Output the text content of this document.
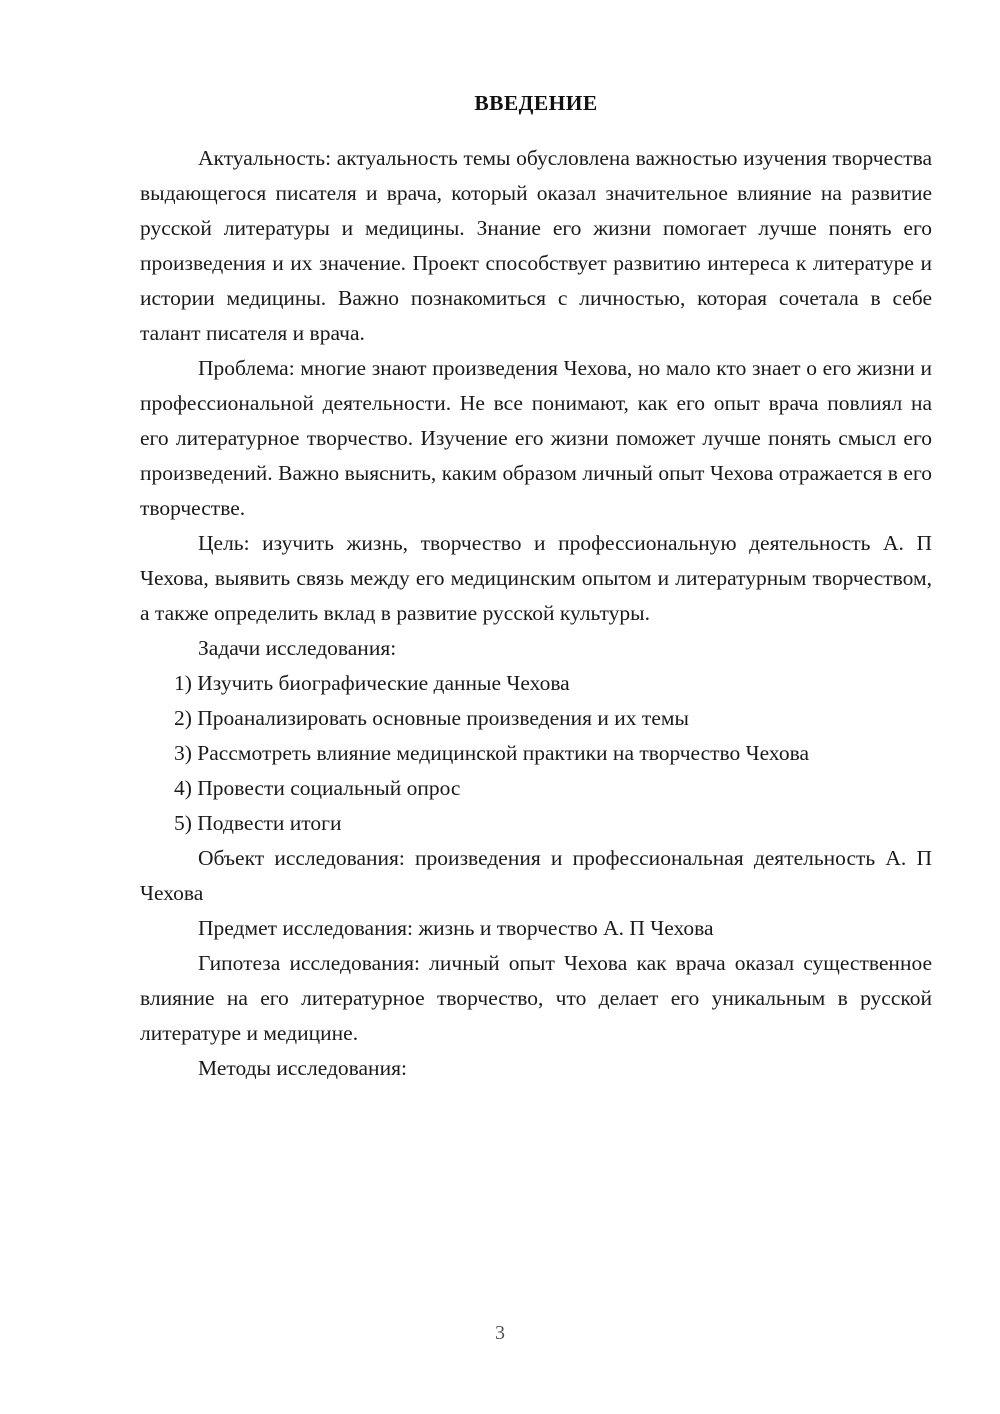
ВВЕДЕНИЕ

Актуальность: актуальность темы обусловлена важностью изучения творчества выдающегося писателя и врача, который оказал значительное влияние на развитие русской литературы и медицины. Знание его жизни помогает лучше понять его произведения и их значение. Проект способствует развитию интереса к литературе и истории медицины. Важно познакомиться с личностью, которая сочетала в себе талант писателя и врача.

Проблема: многие знают произведения Чехова, но мало кто знает о его жизни и профессиональной деятельности. Не все понимают, как его опыт врача повлиял на его литературное творчество. Изучение его жизни поможет лучше понять смысл его произведений. Важно выяснить, каким образом личный опыт Чехова отражается в его творчестве.

Цель: изучить жизнь, творчество и профессиональную деятельность А. П Чехова, выявить связь между его медицинским опытом и литературным творчеством, а также определить вклад в развитие русской культуры.

Задачи исследования:

1) Изучить биографические данные Чехова

2) Проанализировать основные произведения и их темы

3) Рассмотреть влияние медицинской практики на творчество Чехова

4) Провести социальный опрос

5) Подвести итоги

Объект исследования: произведения и профессиональная деятельность А. П Чехова

Предмет исследования: жизнь и творчество А. П Чехова

Гипотеза исследования: личный опыт Чехова как врача оказал существенное влияние на его литературное творчество, что делает его уникальным в русской литературе и медицине.

Методы исследования:

3
